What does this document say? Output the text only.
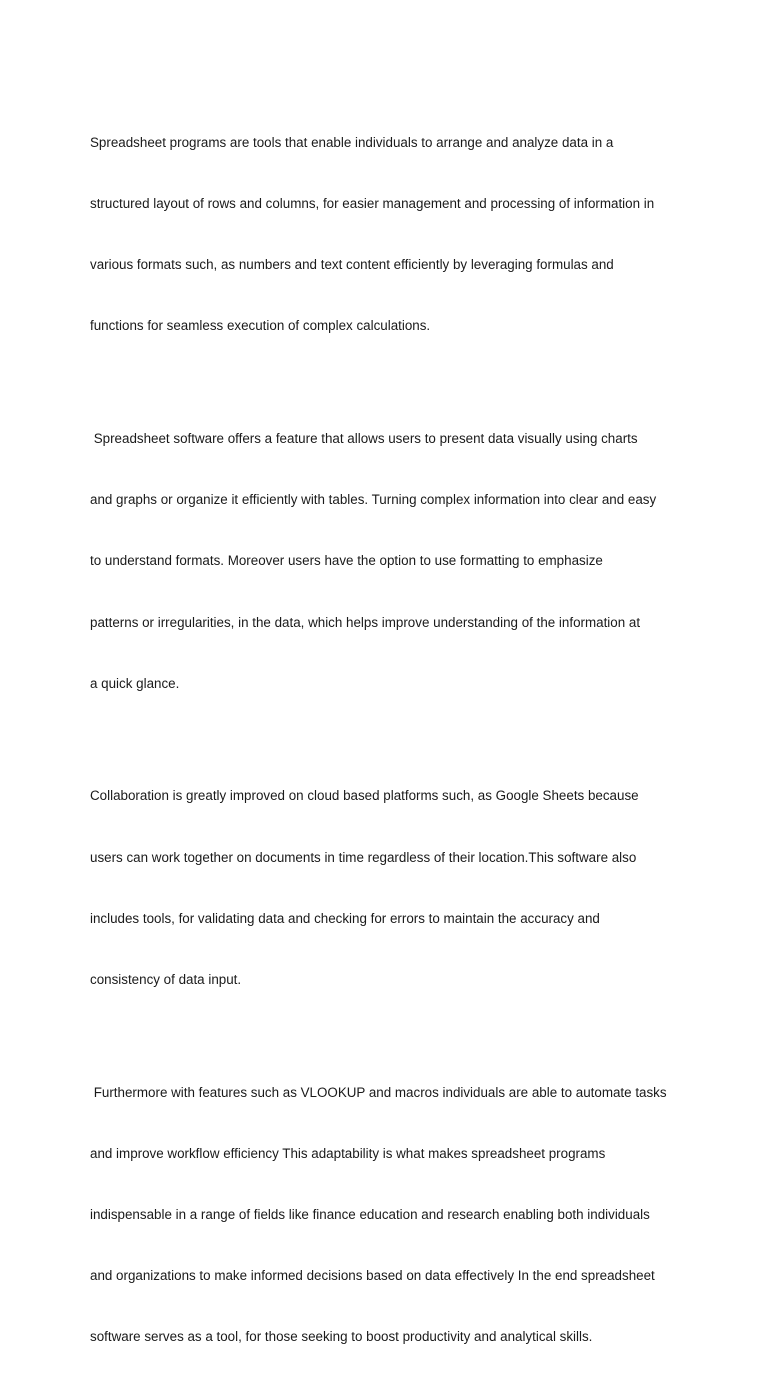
Spreadsheet programs are tools that enable individuals to arrange and analyze data in a

structured layout of rows and columns, for easier management and processing of information in

various formats such, as numbers and text content efficiently by leveraging formulas and

functions for seamless execution of complex calculations.

Spreadsheet software offers a feature that allows users to present data visually using charts

and graphs or organize it efficiently with tables. Turning complex information into clear and easy

to understand formats. Moreover users have the option to use formatting to emphasize

patterns or irregularities, in the data, which helps improve understanding of the information at

a quick glance.

Collaboration is greatly improved on cloud based platforms such, as Google Sheets because

users can work together on documents in time regardless of their location.This software also

includes tools, for validating data and checking for errors to maintain the accuracy and

consistency of data input.

Furthermore with features such as VLOOKUP and macros individuals are able to automate tasks

and improve workflow efficiency This adaptability is what makes spreadsheet programs

indispensable in a range of fields like finance education and research enabling both individuals

and organizations to make informed decisions based on data effectively In the end spreadsheet

software serves as a tool, for those seeking to boost productivity and analytical skills.
